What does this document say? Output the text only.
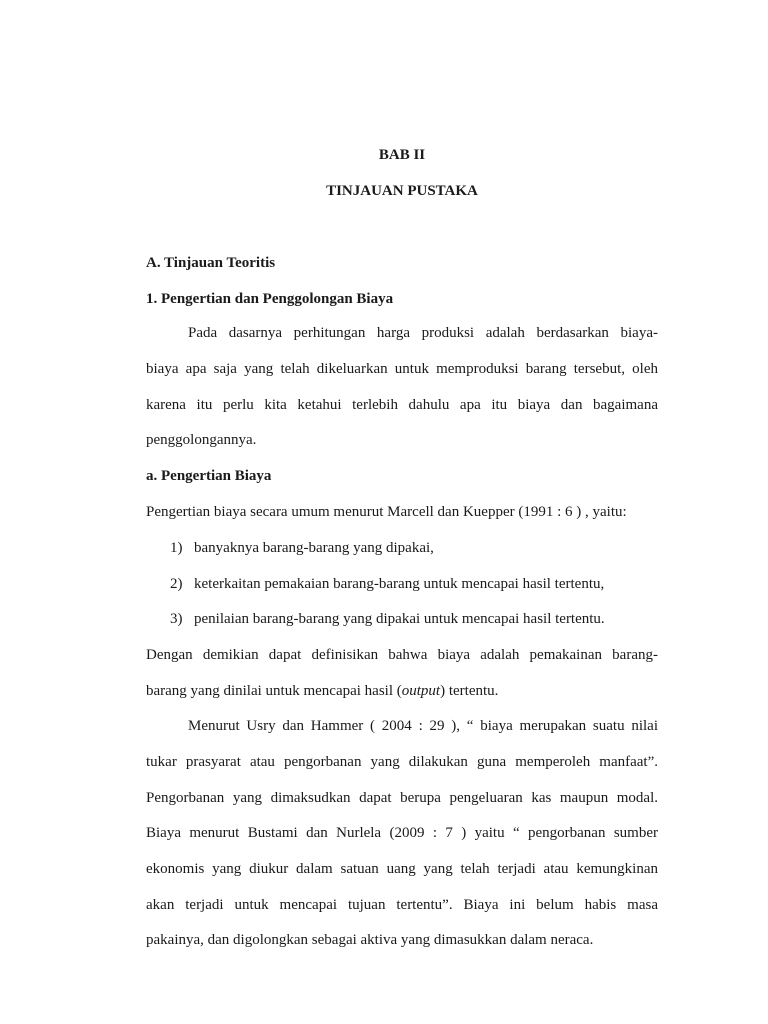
BAB II
TINJAUAN PUSTAKA
A. Tinjauan Teoritis
1. Pengertian dan Penggolongan Biaya
Pada dasarnya perhitungan harga produksi adalah berdasarkan biaya-
biaya apa saja yang telah dikeluarkan untuk memproduksi barang tersebut, oleh
karena itu perlu kita ketahui terlebih dahulu apa itu biaya dan bagaimana
penggolongannya.
a. Pengertian Biaya
Pengertian biaya secara umum menurut Marcell dan Kuepper (1991 : 6 ) , yaitu:
1) banyaknya barang-barang yang dipakai,
2) keterkaitan pemakaian barang-barang untuk mencapai hasil tertentu,
3) penilaian barang-barang yang dipakai untuk mencapai hasil tertentu.
Dengan demikian dapat definisikan bahwa biaya adalah pemakainan barang-
barang yang dinilai untuk mencapai hasil (output) tertentu.
Menurut Usry dan Hammer ( 2004 : 29 ), “ biaya merupakan suatu nilai
tukar prasyarat atau pengorbanan yang dilakukan guna memperoleh manfaat”.
Pengorbanan yang dimaksudkan dapat berupa pengeluaran kas maupun modal.
Biaya menurut Bustami dan Nurlela (2009 : 7 ) yaitu “ pengorbanan sumber
ekonomis yang diukur dalam satuan uang yang telah terjadi atau kemungkinan
akan terjadi untuk mencapai tujuan tertentu”. Biaya ini belum habis masa
pakainya, dan digolongkan sebagai aktiva yang dimasukkan dalam neraca.
